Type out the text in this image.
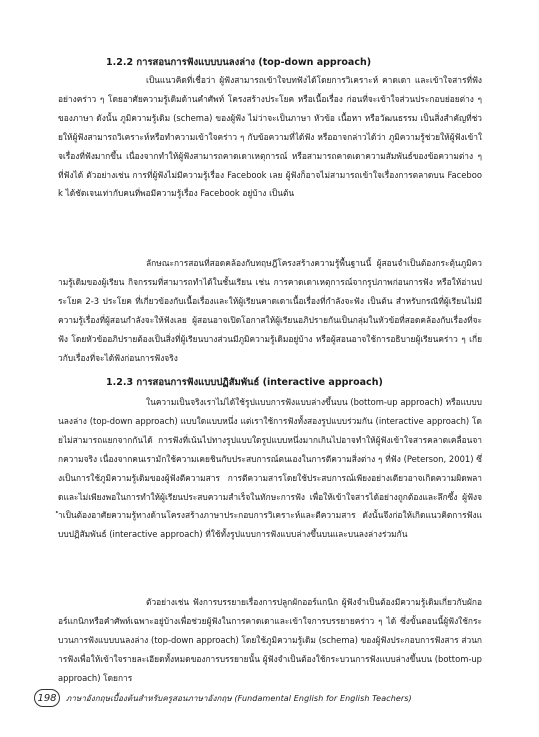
1.2.2 การสอนการฟังแบบบนลงล่าง (top-down approach)

เป็นแนวคิดที่เชื่อว่า ผู้ฟังสามารถเข้าใจบทฟังได้โดยการวิเคราะห์ คาดเดา และเข้าใจสารที่ฟังอย่างคร่าว ๆ โดยอาศัยความรู้เดิมด้านคำศัพท์ โครงสร้างประโยค หรือเนื้อเรื่อง ก่อนที่จะเข้าใจส่วนประกอบย่อยต่าง ๆ ของภาษา ดังนั้น ภูมิความรู้เดิม (schema) ของผู้ฟัง ไม่ว่าจะเป็นภาษา หัวข้อ เนื้อหา หรือวัฒนธรรม เป็นสิ่งสำคัญที่ช่วยให้ผู้ฟังสามารถวิเคราะห์หรือทำความเข้าใจคร่าว ๆ กับข้อความที่ได้ฟัง หรืออาจกล่าวได้ว่า ภูมิความรู้ช่วยให้ผู้ฟังเข้าใจเรื่องที่ฟังมากขึ้น เนื่องจากทำให้ผู้ฟังสามารถคาดเดาเหตุการณ์ หรือสามารถคาดเดาความสัมพันธ์ของข้อความต่าง ๆ ที่ฟังได้ ตัวอย่างเช่น การที่ผู้ฟังไม่มีความรู้เรื่อง Facebook เลย ผู้ฟังก็อาจไม่สามารถเข้าใจเรื่องการตลาดบน Facebook ได้ชัดเจนเท่ากับคนที่พอมีความรู้เรื่อง Facebook อยู่บ้าง เป็นต้น

ลักษณะการสอนที่สอดคล้องกับทฤษฎีโครงสร้างความรู้พื้นฐานนี้ ผู้สอนจำเป็นต้องกระตุ้นภูมิความรู้เดิมของผู้เรียน กิจกรรมที่สามารถทำได้ในชั้นเรียน เช่น การคาดเดาเหตุการณ์จากรูปภาพก่อนการฟัง หรือให้อ่านประโยค 2-3 ประโยค ที่เกี่ยวข้องกับเนื้อเรื่องและให้ผู้เรียนคาดเดาเนื้อเรื่องที่กำลังจะฟัง เป็นต้น สำหรับกรณีที่ผู้เรียนไม่มีความรู้เรื่องที่ผู้สอนกำลังจะให้ฟังเลย ผู้สอนอาจเปิดโอกาสให้ผู้เรียนอภิปรายกันเป็นกลุ่มในหัวข้อที่สอดคล้องกับเรื่องที่จะฟัง โดยหัวข้ออภิปรายต้องเป็นสิ่งที่ผู้เรียนบางส่วนมีภูมิความรู้เดิมอยู่บ้าง หรือผู้สอนอาจใช้การอธิบายผู้เรียนคร่าว ๆ เกี่ยวกับเรื่องที่จะได้ฟังก่อนการฟังจริง

1.2.3 การสอนการฟังแบบปฏิสัมพันธ์ (interactive approach)

ในความเป็นจริงเราไม่ได้ใช้รูปแบบการฟังแบบล่างขึ้นบน (bottom-up approach) หรือแบบบนลงล่าง (top-down approach) แบบใดแบบหนึ่ง แต่เราใช้การฟังทั้งสองรูปแบบร่วมกัน (interactive approach) โดยไม่สามารถแยกจากกันได้ การฟังที่เน้นไปทางรูปแบบใดรูปแบบหนึ่งมากเกินไปอาจทำให้ผู้ฟังเข้าใจสารคลาดเคลื่อนจากความจริง เนื่องจากคนเรามักใช้ความเคยชินกับประสบการณ์ตนเองในการตีความสิ่งต่าง ๆ ที่ฟัง (Peterson, 2001) ซึ่งเป็นการใช้ภูมิความรู้เดิมของผู้ฟังตีความสาร การตีความสารโดยใช้ประสบการณ์เพียงอย่างเดียวอาจเกิดความผิดพลาดและไม่เพียงพอในการทำให้ผู้เรียนประสบความสำเร็จในทักษะการฟัง เพื่อให้เข้าใจสารได้อย่างถูกต้องและลึกซึ้ง ผู้ฟังจำเป็นต้องอาศัยความรู้ทางด้านโครงสร้างภาษาประกอบการวิเคราะห์และตีความสาร ดังนั้นจึงก่อให้เกิดแนวคิดการฟังแบบปฏิสัมพันธ์ (interactive approach) ที่ใช้ทั้งรูปแบบการฟังแบบล่างขึ้นบนและบนลงล่างร่วมกัน

ตัวอย่างเช่น ฟังการบรรยายเรื่องการปลูกผักออร์แกนิก ผู้ฟังจำเป็นต้องมีความรู้เดิมเกี่ยวกับผักออร์แกนิกหรือคำศัพท์เฉพาะอยู่บ้างเพื่อช่วยผู้ฟังในการคาดเดาและเข้าใจการบรรยายคร่าว ๆ ได้ ซึ่งขั้นตอนนี้ผู้ฟังใช้กระบวนการฟังแบบบนลงล่าง (top-down approach) โดยใช้ภูมิความรู้เดิม (schema) ของผู้ฟังประกอบการฟังสาร ส่วนการฟังเพื่อให้เข้าใจรายละเอียดทั้งหมดของการบรรยายนั้น ผู้ฟังจำเป็นต้องใช้กระบวนการฟังแบบล่างขึ้นบน (bottom-up approach) โดยการ

198	ภาษาอังกฤษเบื้องต้นสำหรับครูสอนภาษาอังกฤษ (Fundamental English for English Teachers)
